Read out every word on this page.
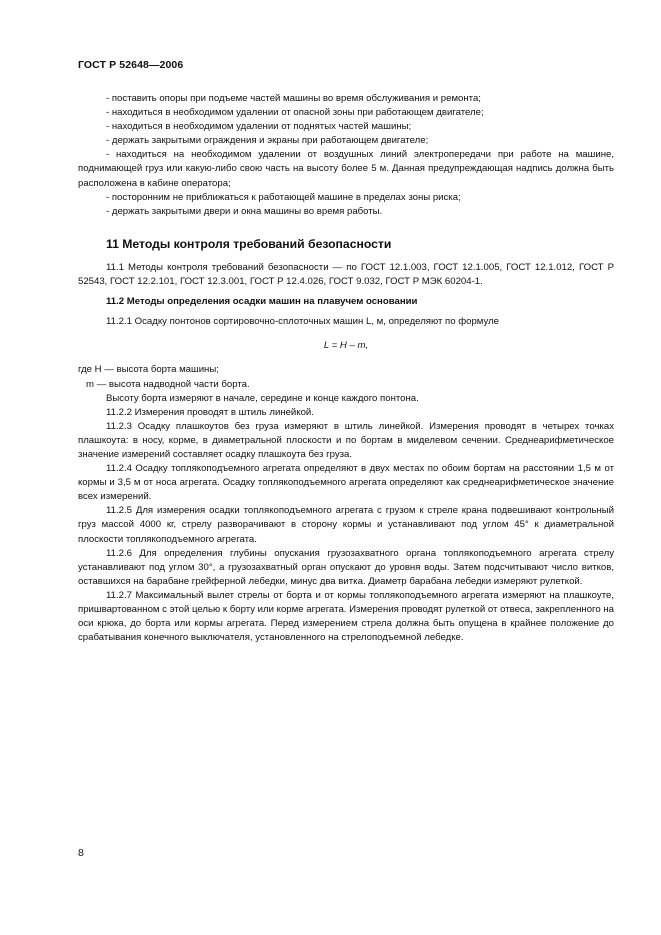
ГОСТ Р 52648—2006

- поставить опоры при подъеме частей машины во время обслуживания и ремонта;

- находиться в необходимом удалении от опасной зоны при работающем двигателе;

- находиться в необходимом удалении от поднятых частей машины;

- держать закрытыми ограждения и экраны при работающем двигателе;

- находиться на необходимом удалении от воздушных линий электропередачи при работе на машине, поднимающей груз или какую-либо свою часть на высоту более 5 м. Данная предупреждающая надпись должна быть расположена в кабине оператора;

- посторонним не приближаться к работающей машине в пределах зоны риска;

- держать закрытыми двери и окна машины во время работы.

11 Методы контроля требований безопасности

11.1 Методы контроля требований безопасности — по ГОСТ 12.1.003, ГОСТ 12.1.005, ГОСТ 12.1.012, ГОСТ Р 52543, ГОСТ 12.2.101, ГОСТ 12.3.001, ГОСТ Р 12.4.026, ГОСТ 9.032, ГОСТ Р МЭК 60204-1.

11.2 Методы определения осадки машин на плавучем основании

11.2.1 Осадку понтонов сортировочно-сплоточных машин L, м, определяют по формуле

L = H – m,

где H — высота борта машины;

m — высота надводной части борта.

Высоту борта измеряют в начале, середине и конце каждого понтона.

11.2.2 Измерения проводят в штиль линейкой.

11.2.3 Осадку плашкоутов без груза измеряют в штиль линейкой. Измерения проводят в четырех точках плашкоута: в носу, корме, в диаметральной плоскости и по бортам в миделевом сечении. Среднеарифметическое значение измерений составляет осадку плашкоута без груза.

11.2.4 Осадку топлякоподъемного агрегата определяют в двух местах по обоим бортам на расстоянии 1,5 м от кормы и 3,5 м от носа агрегата. Осадку топлякоподъемного агрегата определяют как среднеарифметическое значение всех измерений.

11.2.5 Для измерения осадки топлякоподъемного агрегата с грузом к стреле крана подвешивают контрольный груз массой 4000 кг, стрелу разворачивают в сторону кормы и устанавливают под углом 45° к диаметральной плоскости топлякоподъемного агрегата.

11.2.6 Для определения глубины опускания грузозахватного органа топлякоподъемного агрегата стрелу устанавливают под углом 30°, а грузозахватный орган опускают до уровня воды. Затем подсчитывают число витков, оставшихся на барабане грейферной лебедки, минус два витка. Диаметр барабана лебедки измеряют рулеткой.

11.2.7 Максимальный вылет стрелы от борта и от кормы топлякоподъемного агрегата измеряют на плашкоуте, пришвартованном с этой целью к борту или корме агрегата. Измерения проводят рулеткой от отвеса, закрепленного на оси крюка, до борта или кормы агрегата. Перед измерением стрела должна быть опущена в крайнее положение до срабатывания конечного выключателя, установленного на стрелоподъемной лебедке.

8
